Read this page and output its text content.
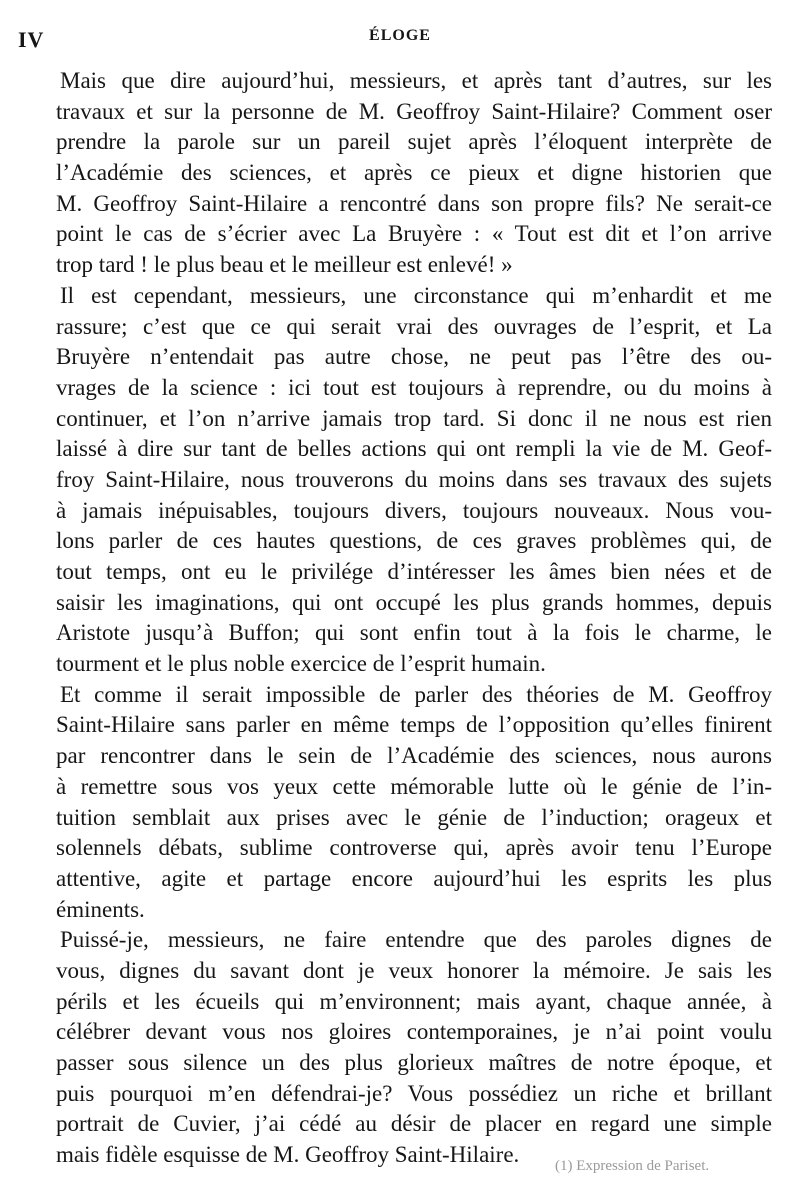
IV	ÉLOGE
Mais que dire aujourd’hui, messieurs, et après tant d’autres, sur les
travaux et sur la personne de M. Geoffroy Saint-Hilaire? Comment oser
prendre la parole sur un pareil sujet après l’éloquent interprète de
l’Académie des sciences, et après ce pieux et digne historien que
M. Geoffroy Saint-Hilaire a rencontré dans son propre fils? Ne serait-ce
point le cas de s’écrier avec La Bruyère : « Tout est dit et l’on arrive
trop tard ! le plus beau et le meilleur est enlevé! »
Il est cependant, messieurs, une circonstance qui m’enhardit et me
rassure; c’est que ce qui serait vrai des ouvrages de l’esprit, et La
Bruyère n’entendait pas autre chose, ne peut pas l’être des ou-
vrages de la science : ici tout est toujours à reprendre, ou du moins à
continuer, et l’on n’arrive jamais trop tard. Si donc il ne nous est rien
laissé à dire sur tant de belles actions qui ont rempli la vie de M. Geof-
froy Saint-Hilaire, nous trouverons du moins dans ses travaux des sujets
à jamais inépuisables, toujours divers, toujours nouveaux. Nous vou-
lons parler de ces hautes questions, de ces graves problèmes qui, de
tout temps, ont eu le privilége d’intéresser les âmes bien nées et de
saisir les imaginations, qui ont occupé les plus grands hommes, depuis
Aristote jusqu’à Buffon; qui sont enfin tout à la fois le charme, le
tourment et le plus noble exercice de l’esprit humain.
Et comme il serait impossible de parler des théories de M. Geoffroy
Saint-Hilaire sans parler en même temps de l’opposition qu’elles finirent
par rencontrer dans le sein de l’Académie des sciences, nous aurons
à remettre sous vos yeux cette mémorable lutte où le génie de l’in-
tuition semblait aux prises avec le génie de l’induction; orageux et
solennels débats, sublime controverse qui, après avoir tenu l’Europe
attentive, agite et partage encore aujourd’hui les esprits les plus
éminents.
Puissé-je, messieurs, ne faire entendre que des paroles dignes de
vous, dignes du savant dont je veux honorer la mémoire. Je sais les
périls et les écueils qui m’environnent; mais ayant, chaque année, à
célébrer devant vous nos gloires contemporaines, je n’ai point voulu
passer sous silence un des plus glorieux maîtres de notre époque, et
puis pourquoi m’en défendrai-je? Vous possédiez un riche et brillant
portrait de Cuvier, j’ai cédé au désir de placer en regard une simple
mais fidèle esquisse de M. Geoffroy Saint-Hilaire.	(1) Expression de Pariset.
